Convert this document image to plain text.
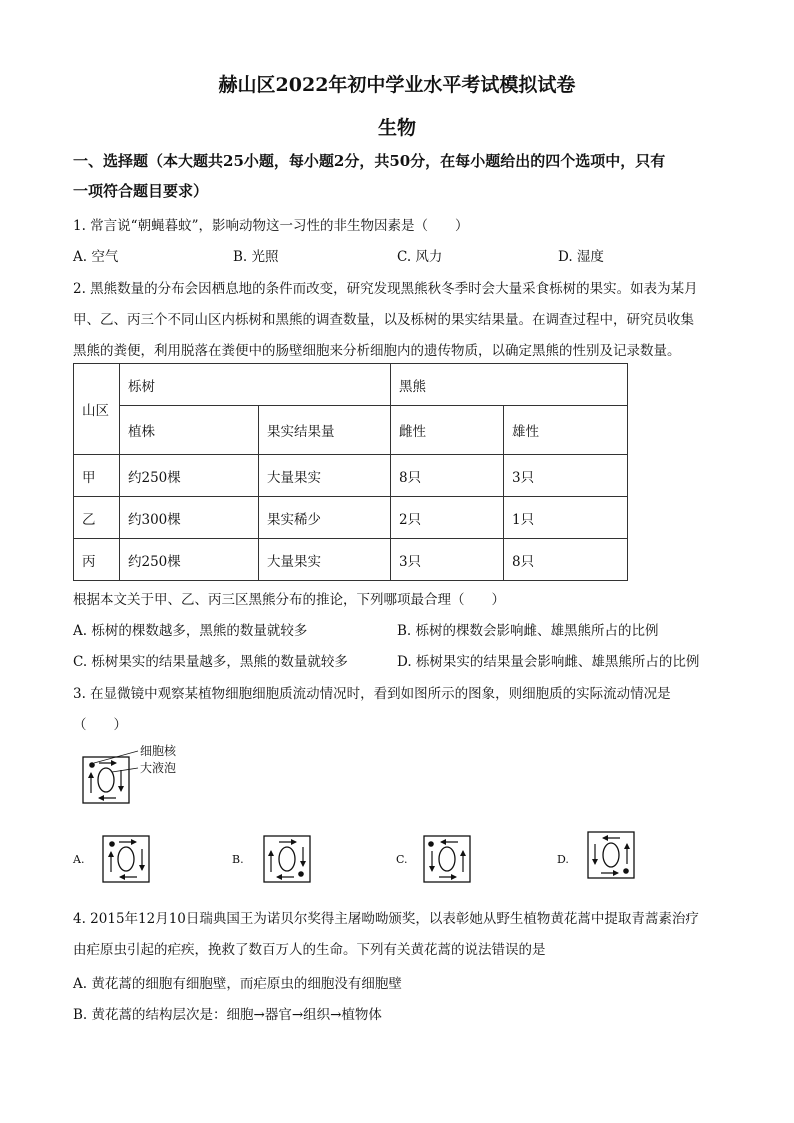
赫山区2022年初中学业水平考试模拟试卷
生物
一、选择题（本大题共25小题，每小题2分，共50分，在每小题给出的四个选项中，只有
一项符合题目要求）
1. 常言说“朝蝇暮蚊”，影响动物这一习性的非生物因素是（　　）
A. 空气	B. 光照	C. 风力	D. 湿度
2. 黑熊数量的分布会因栖息地的条件而改变，研究发现黑熊秋冬季时会大量采食栎树的果实。如表为某月
甲、乙、丙三个不同山区内栎树和黑熊的调查数量，以及栎树的果实结果量。在调查过程中，研究员收集
黑熊的粪便，利用脱落在粪便中的肠壁细胞来分析细胞内的遗传物质，以确定黑熊的性别及记录数量。
山区	栎树		黑熊	
	植株	果实结果量	雌性	雄性
甲	约250棵	大量果实	8只	3只
乙	约300棵	果实稀少	2只	1只
丙	约250棵	大量果实	3只	8只
根据本文关于甲、乙、丙三区黑熊分布的推论，下列哪项最合理（　　）
A. 栎树的棵数越多，黑熊的数量就较多	B. 栎树的棵数会影响雌、雄黑熊所占的比例
C. 栎树果实的结果量越多，黑熊的数量就较多	D. 栎树果实的结果量会影响雌、雄黑熊所占的比例
3. 在显微镜中观察某植物细胞细胞质流动情况时，看到如图所示的图象，则细胞质的实际流动情况是
（　　）
细胞核
大液泡
A.	B.	C.	D.
4. 2015年12月10日瑞典国王为诺贝尔奖得主屠呦呦颁奖，以表彰她从野生植物黄花蒿中提取青蒿素治疗
由疟原虫引起的疟疾，挽救了数百万人的生命。下列有关黄花蒿的说法错误的是
A. 黄花蒿的细胞有细胞壁，而疟原虫的细胞没有细胞壁
B. 黄花蒿的结构层次是：细胞→器官→组织→植物体
